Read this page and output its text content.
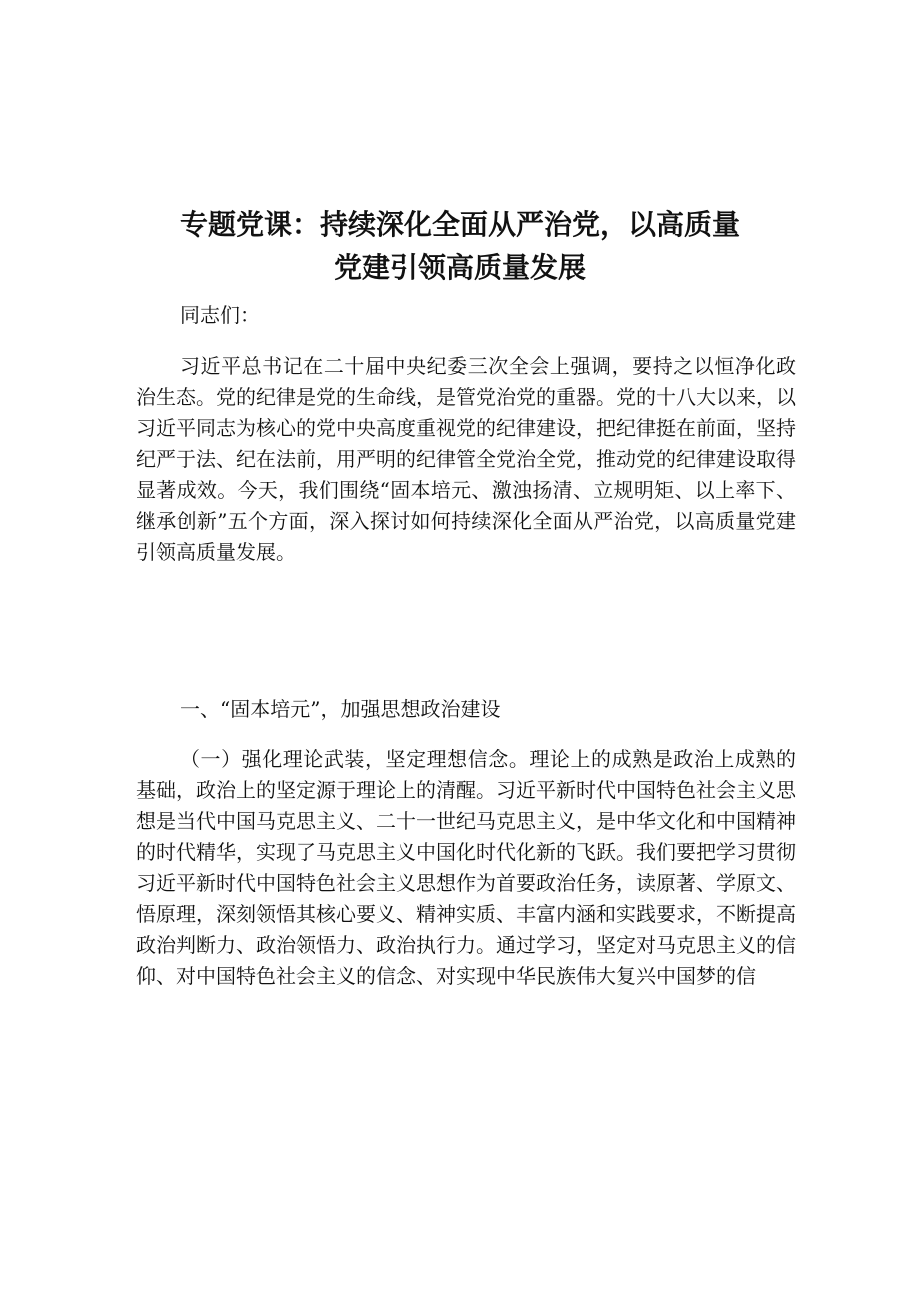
专题党课：持续深化全面从严治党，以高质量
党建引领高质量发展

同志们：

习近平总书记在二十届中央纪委三次全会上强调，要持之以恒净化政治生态。党的纪律是党的生命线，是管党治党的重器。党的十八大以来，以习近平同志为核心的党中央高度重视党的纪律建设，把纪律挺在前面，坚持纪严于法、纪在法前，用严明的纪律管全党治全党，推动党的纪律建设取得显著成效。今天，我们围绕“固本培元、激浊扬清、立规明矩、以上率下、继承创新”五个方面，深入探讨如何持续深化全面从严治党，以高质量党建引领高质量发展。

一、“固本培元”，加强思想政治建设

（一）强化理论武装，坚定理想信念。理论上的成熟是政治上成熟的基础，政治上的坚定源于理论上的清醒。习近平新时代中国特色社会主义思想是当代中国马克思主义、二十一世纪马克思主义，是中华文化和中国精神的时代精华，实现了马克思主义中国化时代化新的飞跃。我们要把学习贯彻习近平新时代中国特色社会主义思想作为首要政治任务，读原著、学原文、悟原理，深刻领悟其核心要义、精神实质、丰富内涵和实践要求，不断提高政治判断力、政治领悟力、政治执行力。通过学习，坚定对马克思主义的信仰、对中国特色社会主义的信念、对实现中华民族伟大复兴中国梦的信
